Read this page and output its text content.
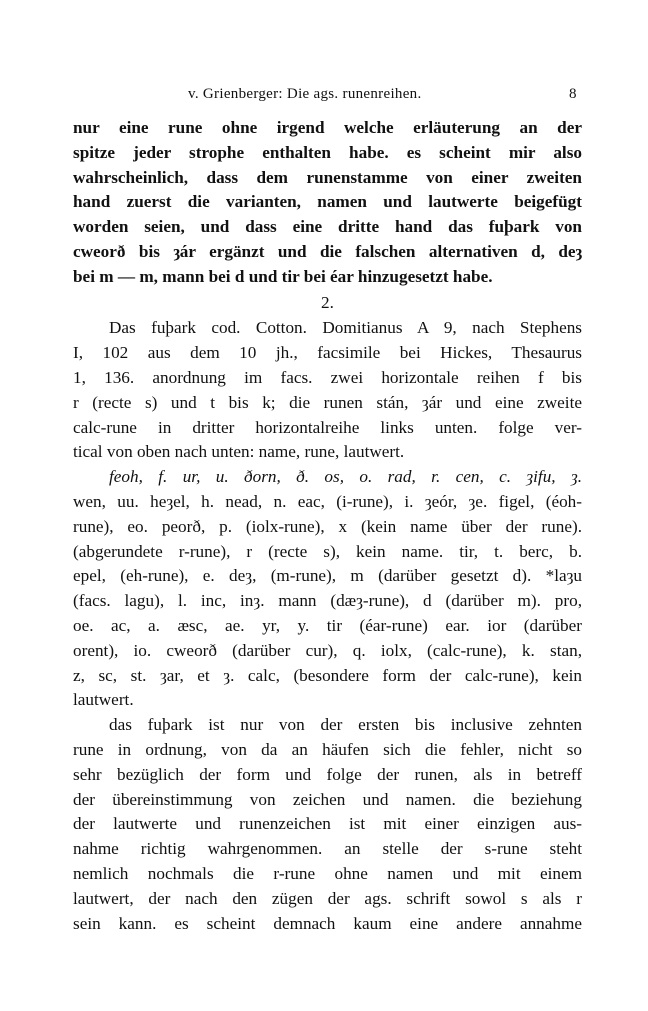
v. Grienberger: Die ags. runenreihen.	8
nur eine rune ohne irgend welche erläuterung an der
spitze jeder strophe enthalten habe. es scheint mir also
wahrscheinlich, dass dem runenstamme von einer zweiten
hand zuerst die varianten, namen und lautwerte beigefügt
worden seien, und dass eine dritte hand das fuþark von
cweorð bis ȝár ergänzt und die falschen alternativen d, deȝ
bei m — m, mann bei d und tir bei éar hinzugesetzt habe.
2.
Das fuþark cod. Cotton. Domitianus A 9, nach Stephens
I, 102 aus dem 10 jh., facsimile bei Hickes, Thesaurus
1, 136. anordnung im facs. zwei horizontale reihen f bis
r (recte s) und t bis k; die runen stán, ȝár und eine zweite
calc-rune in dritter horizontalreihe links unten. folge ver-
tical von oben nach unten: name, rune, lautwert.
feoh, f. ur, u. ðorn, ð. os, o. rad, r. cen, c. ȝifu, ȝ.
wen, uu. heȝel, h. nead, n. eac, (i-rune), i. ȝeór, ȝe. figel, (éoh-
rune), eo. peorð, p. (iolx-rune), x (kein name über der rune).
(abgerundete r-rune), r (recte s), kein name. tir, t. berc, b.
epel, (eh-rune), e. deȝ, (m-rune), m (darüber gesetzt d). *laȝu
(facs. lagu), l. inc, inȝ. mann (dæȝ-rune), d (darüber m). pro,
oe. ac, a. æsc, ae. yr, y. tir (éar-rune) ear. ior (darüber
orent), io. cweorð (darüber cur), q. iolx, (calc-rune), k. stan,
z, sc, st. ȝar, et ȝ. calc, (besondere form der calc-rune), kein
lautwert.
das fuþark ist nur von der ersten bis inclusive zehnten
rune in ordnung, von da an häufen sich die fehler, nicht so
sehr bezüglich der form und folge der runen, als in betreff
der übereinstimmung von zeichen und namen. die beziehung
der lautwerte und runenzeichen ist mit einer einzigen aus-
nahme richtig wahrgenommen. an stelle der s-rune steht
nemlich nochmals die r-rune ohne namen und mit einem
lautwert, der nach den zügen der ags. schrift sowol s als r
sein kann. es scheint demnach kaum eine andere annahme
